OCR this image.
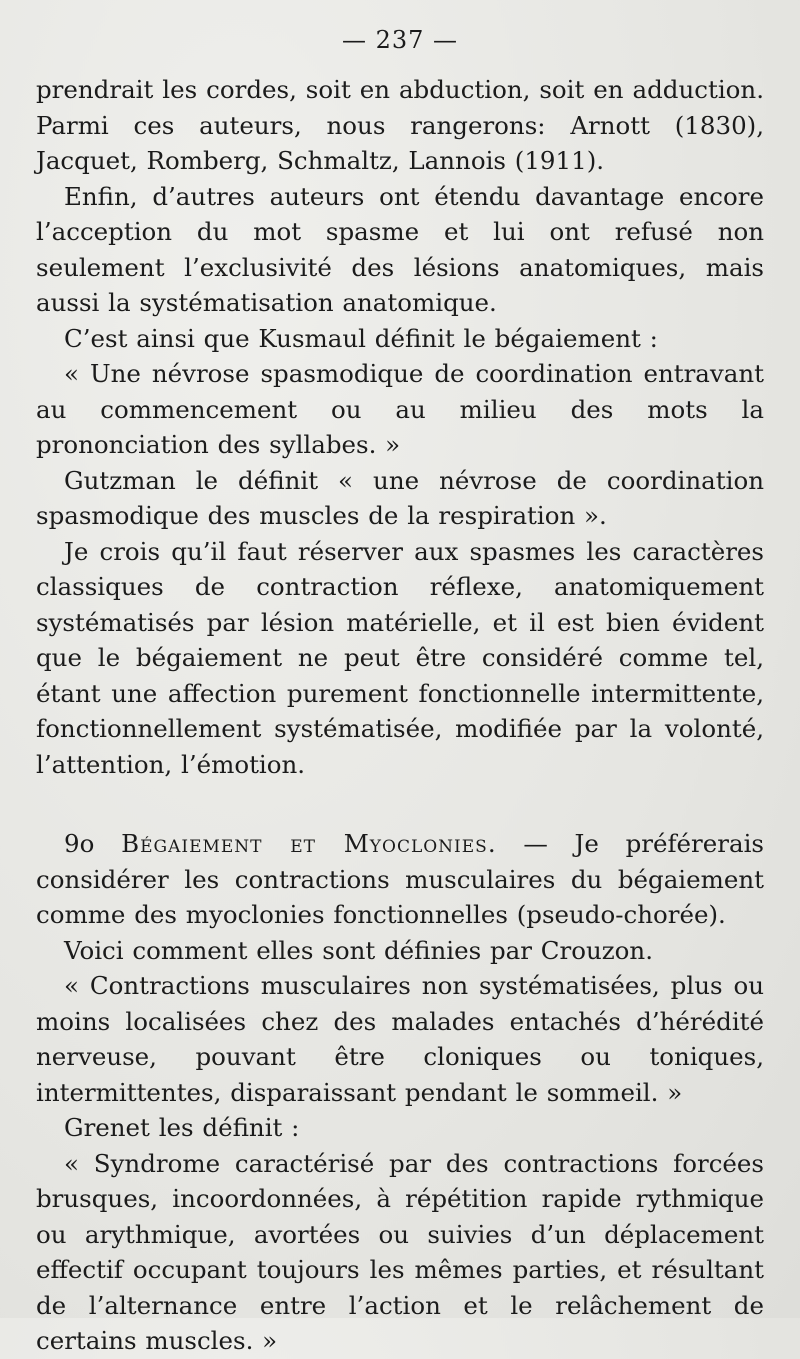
— 237 —

prendrait les cordes, soit en abduction, soit en adduction. Parmi ces auteurs, nous rangerons: Arnott (1830), Jacquet, Romberg, Schmaltz, Lannois (1911).

Enfin, d’autres auteurs ont étendu davantage encore l’acception du mot spasme et lui ont refusé non seulement l’exclusivité des lésions anatomiques, mais aussi la systématisation anatomique.

C’est ainsi que Kusmaul définit le bégaiement :

« Une névrose spasmodique de coordination entravant au commencement ou au milieu des mots la prononciation des syllabes. »

Gutzman le définit « une névrose de coordination spasmodique des muscles de la respiration ».

Je crois qu’il faut réserver aux spasmes les caractères classiques de contraction réflexe, anatomiquement systématisés par lésion matérielle, et il est bien évident que le bégaiement ne peut être considéré comme tel, étant une affection purement fonctionnelle intermittente, fonctionnellement systématisée, modifiée par la volonté, l’attention, l’émotion.

9o Bégaiement et Myoclonies. — Je préférerais considérer les contractions musculaires du bégaiement comme des myoclonies fonctionnelles (pseudo-chorée).

Voici comment elles sont définies par Crouzon.

« Contractions musculaires non systématisées, plus ou moins localisées chez des malades entachés d’hérédité nerveuse, pouvant être cloniques ou toniques, intermittentes, disparaissant pendant le sommeil. »

Grenet les définit :

« Syndrome caractérisé par des contractions forcées brusques, incoordonnées, à répétition rapide rythmique ou arythmique, avortées ou suivies d’un déplacement effectif occupant toujours les mêmes parties, et résultant de l’alternance entre l’action et le relâchement de certains muscles. »
